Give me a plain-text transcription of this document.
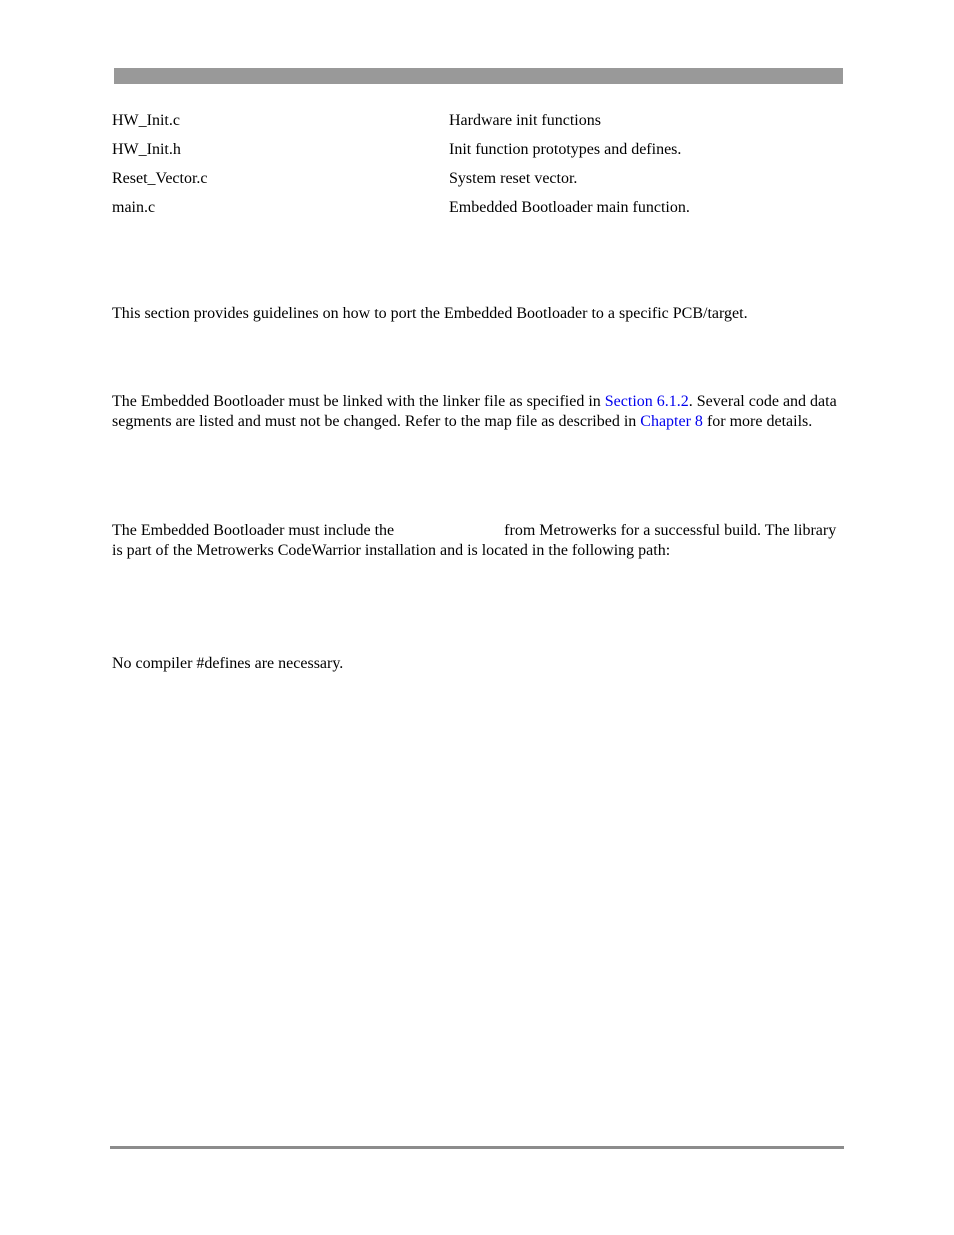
HW_Init.c	Hardware init functions
HW_Init.h	Init function prototypes and defines.
Reset_Vector.c	System reset vector.
main.c	Embedded Bootloader main function.

This section provides guidelines on how to port the Embedded Bootloader to a specific PCB/target.

The Embedded Bootloader must be linked with the linker file as specified in Section 6.1.2. Several code and data segments are listed and must not be changed. Refer to the map file as described in Chapter 8 for more details.

The Embedded Bootloader must include the	from Metrowerks for a successful build. The library is part of the Metrowerks CodeWarrior installation and is located in the following path:

No compiler #defines are necessary.
